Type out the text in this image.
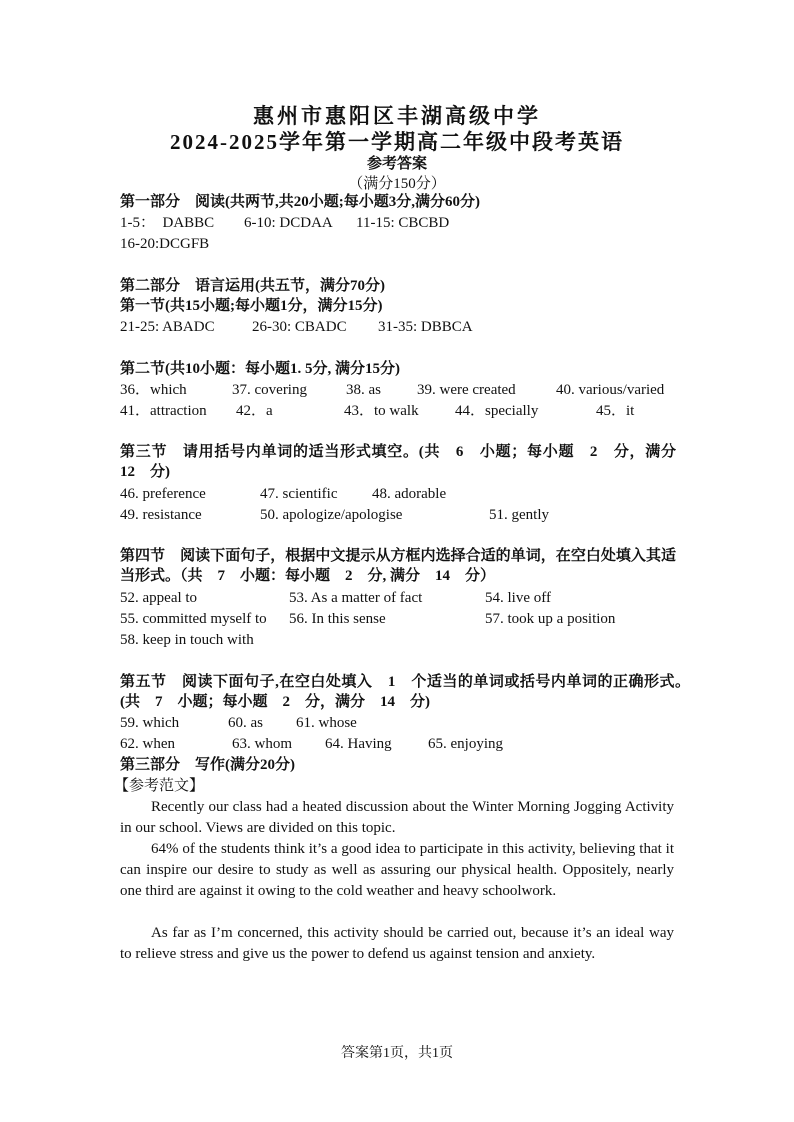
惠州市惠阳区丰湖高级中学
2024-2025学年第一学期高二年级中段考英语
参考答案
（满分150分）
第一部分　阅读(共两节,共20小题;每小题3分,满分60分)
1-5：　DABBC 6-10: DCDAA 11-15: CBCBD
16-20:DCGFB
第二部分　语言运用(共五节，满分70分)
第一节(共15小题;每小题1分，满分15分)
21-25: ABADC 26-30: CBADC 31-35: DBBCA
第二节(共10小题：每小题1. 5分, 满分15分)
36．which	37. covering	38. as 39. were created	40. various/varied
41．attraction 42．a	43．to walk 44．specially	45．it
第三节　请用括号内单词的适当形式填空。(共　6　小题；每小题　2　分，满分　12　分)
46. preference	47. scientific 48. adorable
49. resistance	50. apologize/apologise	51. gently
第四节　阅读下面句子，根据中文提示从方框内选择合适的单词，在空白处填入其适当形式。（共　7　小题：每小题　2　分, 满分　14　分）
52. appeal to	53. As a matter of fact	54. live off
55. committed myself to 56. In this sense	57. took up a position
58. keep in touch with
第五节　阅读下面句子,在空白处填入　1　个适当的单词或括号内单词的正确形式。(共　7　小题；每小题　2　分，满分　14　分)
59. which	60. as 61. whose
62. when	63. whom 64. Having 65. enjoying
第三部分　写作(满分20分)
【参考范文】
Recently our class had a heated discussion about the Winter Morning Jogging Activity in our school. Views are divided on this topic.
64% of the students think it’s a good idea to participate in this activity, believing that it can inspire our desire to study as well as assuring our physical health. Oppositely, nearly one third are against it owing to the cold weather and heavy schoolwork.
As far as I’m concerned, this activity should be carried out, because it’s an ideal way to relieve stress and give us the power to defend us against tension and anxiety.
答案第1页，共1页
